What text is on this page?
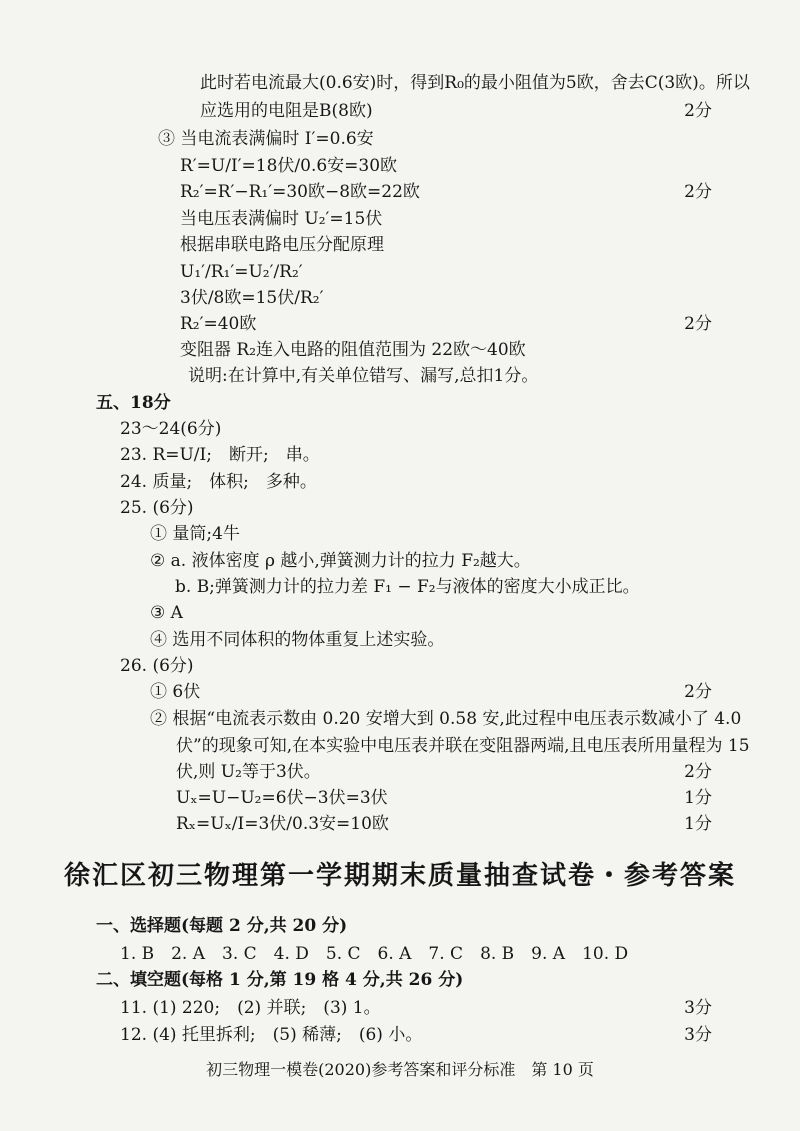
此时若电流最大(0.6安)时，得到R₀的最小阻值为5欧，舍去C(3欧)。所以
应选用的电阻是B(8欧)	2分
③ 当电流表满偏时 I′=0.6安
R′=U/I′=18伏/0.6安=30欧
R₂′=R′−R₁′=30欧−8欧=22欧	2分
当电压表满偏时 U₂′=15伏
根据串联电路电压分配原理
U₁′/R₁′=U₂′/R₂′
3伏/8欧=15伏/R₂′
R₂′=40欧	2分
变阻器 R₂连入电路的阻值范围为 22欧～40欧
说明:在计算中,有关单位错写、漏写,总扣1分。
五、18分
23～24(6分)
23. R=U/I;　断开;　串。
24. 质量;　体积;　多种。
25. (6分)
① 量筒;4牛
② a. 液体密度 ρ 越小,弹簧测力计的拉力 F₂越大。
b. B;弹簧测力计的拉力差 F₁ − F₂与液体的密度大小成正比。
③ A
④ 选用不同体积的物体重复上述实验。
26. (6分)
① 6伏	2分
② 根据“电流表示数由 0.20 安增大到 0.58 安,此过程中电压表示数减小了 4.0
伏”的现象可知,在本实验中电压表并联在变阻器两端,且电压表所用量程为 15
伏,则 U₂等于3伏。	2分
Uₓ=U−U₂=6伏−3伏=3伏	1分
Rₓ=Uₓ/I=3伏/0.3安=10欧	1分
徐汇区初三物理第一学期期末质量抽查试卷・参考答案
一、选择题(每题 2 分,共 20 分)
1. B　2. A　3. C　4. D　5. C　6. A　7. C　8. B　9. A　10. D
二、填空题(每格 1 分,第 19 格 4 分,共 26 分)
11. (1) 220;　(2) 并联;　(3) 1。	3分
12. (4) 托里拆利;　(5) 稀薄;　(6) 小。	3分
初三物理一模卷(2020)参考答案和评分标准　第 10 页
